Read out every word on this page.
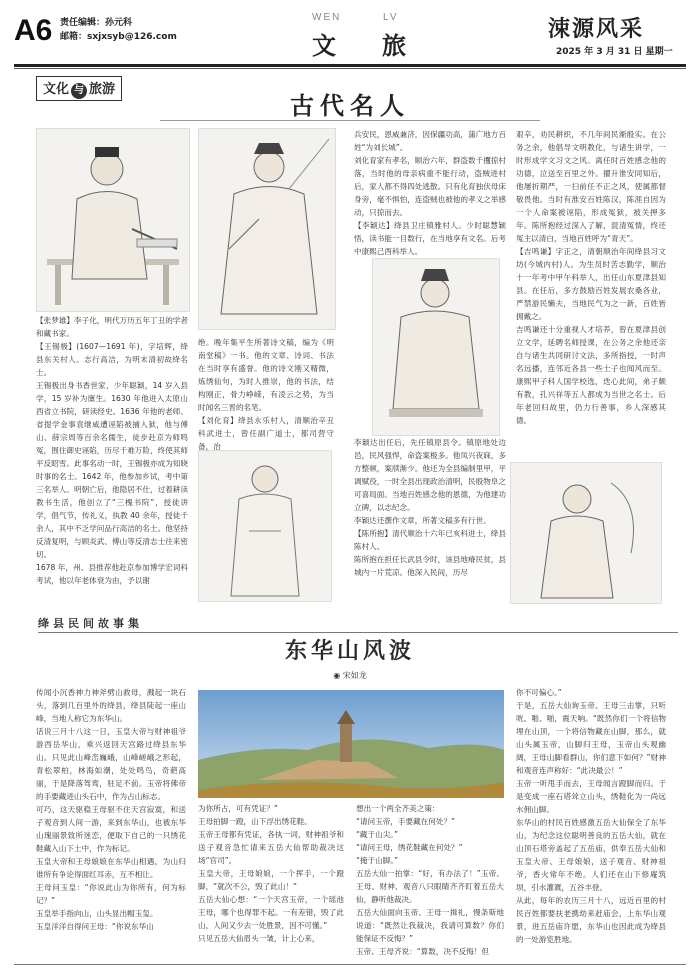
A6 责任编辑：孙元科
邮箱：sxjxsyb@126.com
WEN	LV
文 旅
涑源风采
2025 年 3 月 31 日 星期一
文化 与 旅游
古代名人
【张梦雄】李子化，明代万历五年丁丑的学者和藏书家。
【王锡极】(1607—1691 年)，字培辉，绛县东关村人。志行高洁，为明末清初故绛名士。
王锡极出身书香世家，少年聪颖，14 岁入县学，15 岁补为廪生。1630 年他进入太原山西省立书院，研读经史。1636 年他的老师、省提学金事袁继咸遭诬陷被捕入狱，他与傅山、薛宗周等百余名儒生，徒步赴京为师鸣冤，围住御史诬陷，历尽千难万险，终使其师平反昭雪。此事名动一时，王锡极亦成为知晓时事的名士。1642 年，他参加乡试，考中第三名举人。明朝亡后，他隐居不仕，过着耕读教书生活，他创立了“三槐书院”，授徒讲学，倡气节，传礼义，执教 40 余年，授徒千余人，其中不乏学问品行高洁的名士。他坚持反清复明，与顾炎武、傅山等反清志士往来密切。
1678 年，州、县推荐他赴京参加博学宏词科考试，他以年老体衰为由，予以谢
绝。晚年集平生所著诗文稿，编为《明南堂稿》一书。他的文章、诗词、书法在当时享有盛誉。他的诗文刚又精微，炼绣仙句，为时人推崇，他的书法，结构刚正，骨力峥嵘，有凌云之势，为当时闻名三晋的名笔。
【刘化育】绛县永乐村人，清顺治辛丑科武进士，曾任副广道士，都司营守备，治
兵安民，恩威兼济，因保疆功高，蒲广地方百姓“为刘长城”。
刘化育家有孝名，顺治六年，群盗数千攫掠村落，当时他的母亲病重不能行动，盗贼进村后，家人都不得四处逃散。只有化育独伏母床身旁，毫不惧怕，连盗贼也被他的孝义之举感动，只掠而去。
【李颖达】绛县卫庄镇雅村人。少时聪慧颖悟，读书能一目数行，在当地享有文名。后考中康熙己酉科举人。
李颖达出任后，先任镇原县令。镇原地处边邑，民风强悍，命盗案极多。他凤兴夜寐，多方整顿，案牍渐少。他还为全县编制里甲，平调赋役，一时全县出现政治清明，民殷物阜之可喜局面。当地百姓感念他的恩德，为他建功立碑，以志纪念。
李颖达还撰作文章，所著文稿多有行世。
【陈所抱】清代顺治十六年已亥科进士，绛县陈村人。
陈所抱在担任长武县令时，该县地瘠民贫，县城内一片荒凉。他深入民间，历尽
艰辛，劝民耕织，不几年间民渐殷实。在公务之余，他倡导文明教化，与诸生讲学，一时形成学文习文之风。离任时百姓感念他的功德，泣送至百里之外。擢升淮安同知后，他屡折期严，一扫前任不正之风，使属都督敬畏他。当时有淮安百姓陈汉，陈涯自因为一个人命案被诬陷，形成冤狱，被关押多年。陈所抱经过深入了解，混清冤情，终还冤主以清白，当地百姓呼为“青天”。
【吉鸣谦】字正之，清朝顺治年间绛县习文坊(今城内村)人。为生员时苦志勤学，顺治十一年考中甲午科举人，出任山东夏津县知县。在任后，多方鼓励百姓发展农桑各业，严禁游民懒夫，当地民气为之一新，百姓皆拥戴之。
吉鸣谦还十分重视人才培养，曾在夏津县创立文学，延聘名师授课，在公务之余他还亲自与诸生共同研讨文法，多所指授，一时声名远播，连邻近各县一些士子也闻风而至。康熙甲子科人国学校选，迭心此间，弟子颇有教，孔兴祥等五人都成为当世之名士。后年老回归故里，仍力行善事，乡人深感其德。
绛县民间故事集
东华山风波
◉ 宋如龙
传闻小沉香神力神斧劈山救母，溅起一块石头，落到几百里外的绛县，绛县陡起一座山峰，当地人称它为东华山。
话说三月十八这一日，玉皇大帝与财神祖爷游西岳华山，乘兴返回天宫路过绛县东华山。只见此山峰峦巍峨，山峰嵯峨之形起，青松翠柏，林海如潮，处处鸣鸟，奇葩高丽，于是降落驾鸾，驻足不前。玉帝将佛帝的手要藏进山头石中，作为占山标志。
可巧，这天驱稳王母驱不住天宫寂寞，和送子观音到人间一游，来到东华山，也被东华山瑰丽景致所迷恋，便取下自己的一只绣花鞋藏入山下土中，作为标记。
玉皇大帝和王母娘娘在东华山相遇，为山归谁所有争论得面红耳赤，互不相让。
王母问玉皇：“你说此山为你所有，何为标记？”
玉皇举手指向山，山头显出帽玉玺。
玉皇洋洋自得问王母：“你说东华山
为你所占，可有凭证？”
王母拍脚一蹬，山下浮出绣花鞋。
玉帝王母都有凭证，各执一词，财神祖爷和送子观音急忙请来五岳大仙帮助裁决这场“官司”。
玉皇大帝，王母娘娘，一个挥手，一个蹬脚，“就次不公，毁了此山！”
五岳大仙心想：“一个天宫玉帝，一个瑶池王母，哪个也得罪不起。一有差错，毁了此山，人间又少去一处胜景，因不可懂。”
只见五岳大仙眉头一皱，计上心来，
想出一个两全齐美之策：
“请问玉帝，手要藏在何处？”
“藏于山尖。”
“请问王母，绣花鞋藏在何处？”
“掩于山脚。”
五岳大仙一拍掌：“好，有办法了！”玉帝、王母、财神、观音八只眼睛齐齐盯着五岳大仙，静听他裁决。
五岳大仙面向玉帝、王母一揖礼，慢条斯地说道：“既然让我裁决，我请可算数？你们能保证不反悔？”
玉帝、王母齐说：“算数，决不反悔！但
你不可偏心。”
于是，五岳大仙询玉帝、王母三击掌，只听咣、啪、啪，震天响。“既然你们一个将信物埋在山顶，一个将信物藏在山脚，那么，就山头属玉帝，山脚归王母，玉帝山头观幽阔，王母山脚看群山，你们意下如何？”财神和观音连声称好：“此决最公！”
玉帝一听甩手而去，王母闻言蹬脚而归。于是变成一座石塔耸立山头，绣鞋化为一尚远水佣山脚。
东华山的村民百姓感激五岳大仙保全了东华山，为纪念这位聪明善良的五岳大仙，就在山顶石塔旁盖起了五岳庙，供奉五岳大仙和玉皇大帝、王母娘娘，送子观音、财神祖爷，香火常年不绝。人们还在山下修庵筑坝，引水灌溉，五谷丰登。
从此，每年的农历三月十八，远近百里的村民百姓都要扶老携幼来赶庙会，上东华山观景，进五岳庙许愿，东华山也因此成为绛县的一处游览胜地。
